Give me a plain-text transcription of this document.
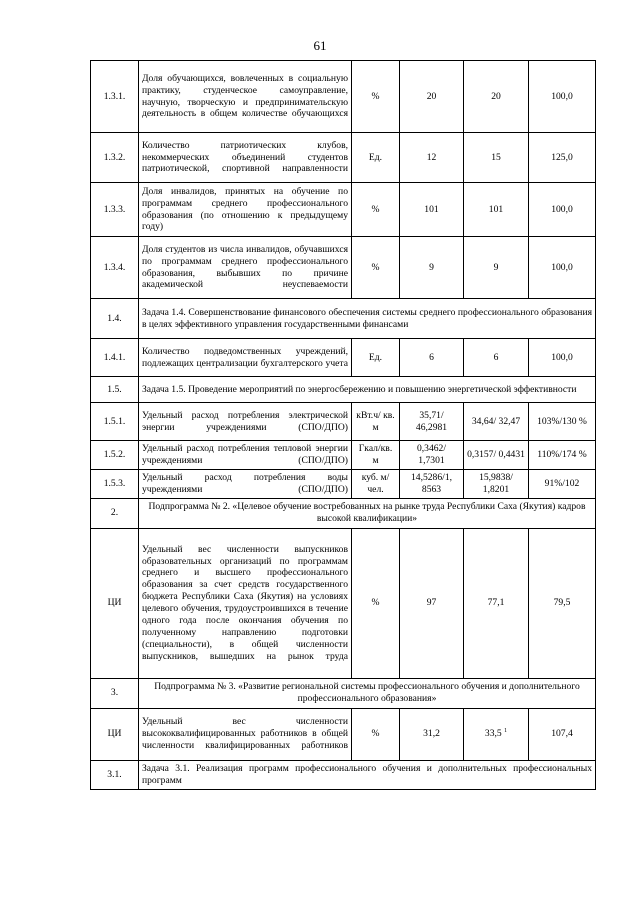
61
1.3.1.	Доля обучающихся, вовлеченных в социальную практику, студенческое самоуправление, научную, творческую и предпринимательскую деятельность в общем количестве обучающихся	%	20	20	100,0
1.3.2.	Количество патриотических клубов, некоммерческих объединений студентов патриотической, спортивной направленности	Ед.	12	15	125,0
1.3.3.	Доля инвалидов, принятых на обучение по программам среднего профессионального образования (по отношению к предыдущему году)	%	101	101	100,0
1.3.4.	Доля студентов из числа инвалидов, обучавшихся по программам среднего профессионального образования, выбывших по причине академической неуспеваемости	%	9	9	100,0
1.4.	Задача 1.4. Совершенствование финансового обеспечения системы среднего профессионального образования в целях эффективного управления государственными финансами				
1.4.1.	Количество подведомственных учреждений, подлежащих централизации бухгалтерского учета	Ед.	6	6	100,0
1.5.	Задача 1.5. Проведение мероприятий по энергосбережению и повышению энергетической эффективности				
1.5.1.	Удельный расход потребления электрической энергии учреждениями (СПО/ДПО)	кВт.ч/ кв. м	35,71/ 46,2981	34,64/ 32,47	103%/130 %
1.5.2.	Удельный расход потребления тепловой энергии учреждениями (СПО/ДПО)	Гкал/кв. м	0,3462/ 1,7301	0,3157/ 0,4431	110%/174 %
1.5.3.	Удельный расход потребления воды учреждениями (СПО/ДПО)	куб. м/чел.	14,5286/1, 8563	15,9838/ 1,8201	91%/102
2.	Подпрограмма № 2. «Целевое обучение востребованных на рынке труда Республики Саха (Якутия) кадров высокой квалификации»				
ЦИ	Удельный вес численности выпускников образовательных организаций по программам среднего и высшего профессионального образования за счет средств государственного бюджета Республики Саха (Якутия) на условиях целевого обучения, трудоустроившихся в течение одного года после окончания обучения по полученному направлению подготовки (специальности), в общей численности выпускников, вышедших на рынок труда	%	97	77,1	79,5
3.	Подпрограмма № 3. «Развитие региональной системы профессионального обучения и дополнительного профессионального образования»				
ЦИ	Удельный вес численности высококвалифицированных работников в общей численности квалифицированных работников	%	31,2	33,5 $^1$	107,4
3.1.	Задача 3.1. Реализация программ профессионального обучения и дополнительных профессиональных программ				
